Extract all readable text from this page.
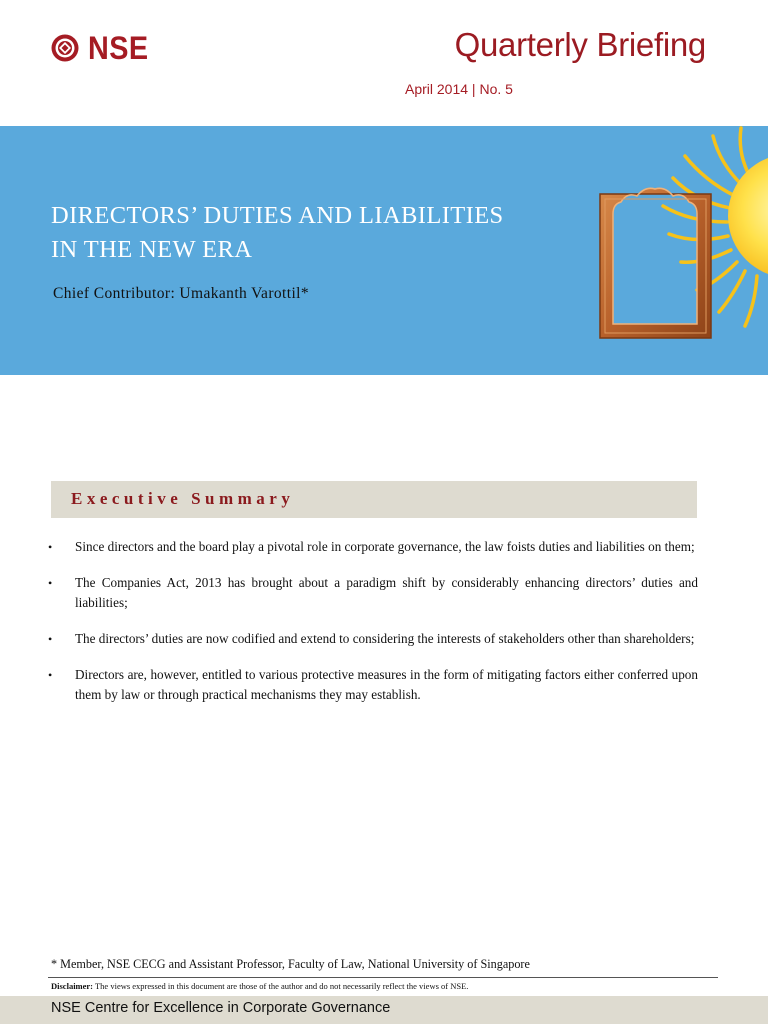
NSE	Quarterly Briefing
April 2014 | No. 5
DIRECTORS’ DUTIES AND LIABILITIES
IN THE NEW ERA
Chief Contributor: Umakanth Varottil*
Executive Summary
• Since directors and the board play a pivotal role in corporate governance, the law foists duties and liabilities on them;
• The Companies Act, 2013 has brought about a paradigm shift by considerably enhancing directors’ duties and liabilities;
• The directors’ duties are now codified and extend to considering the interests of stakeholders other than shareholders;
• Directors are, however, entitled to various protective measures in the form of mitigating factors either conferred upon them by law or through practical mechanisms they may establish.
* Member, NSE CECG and Assistant Professor, Faculty of Law, National University of Singapore
Disclaimer: The views expressed in this document are those of the author and do not necessarily reflect the views of NSE.
NSE Centre for Excellence in Corporate Governance
